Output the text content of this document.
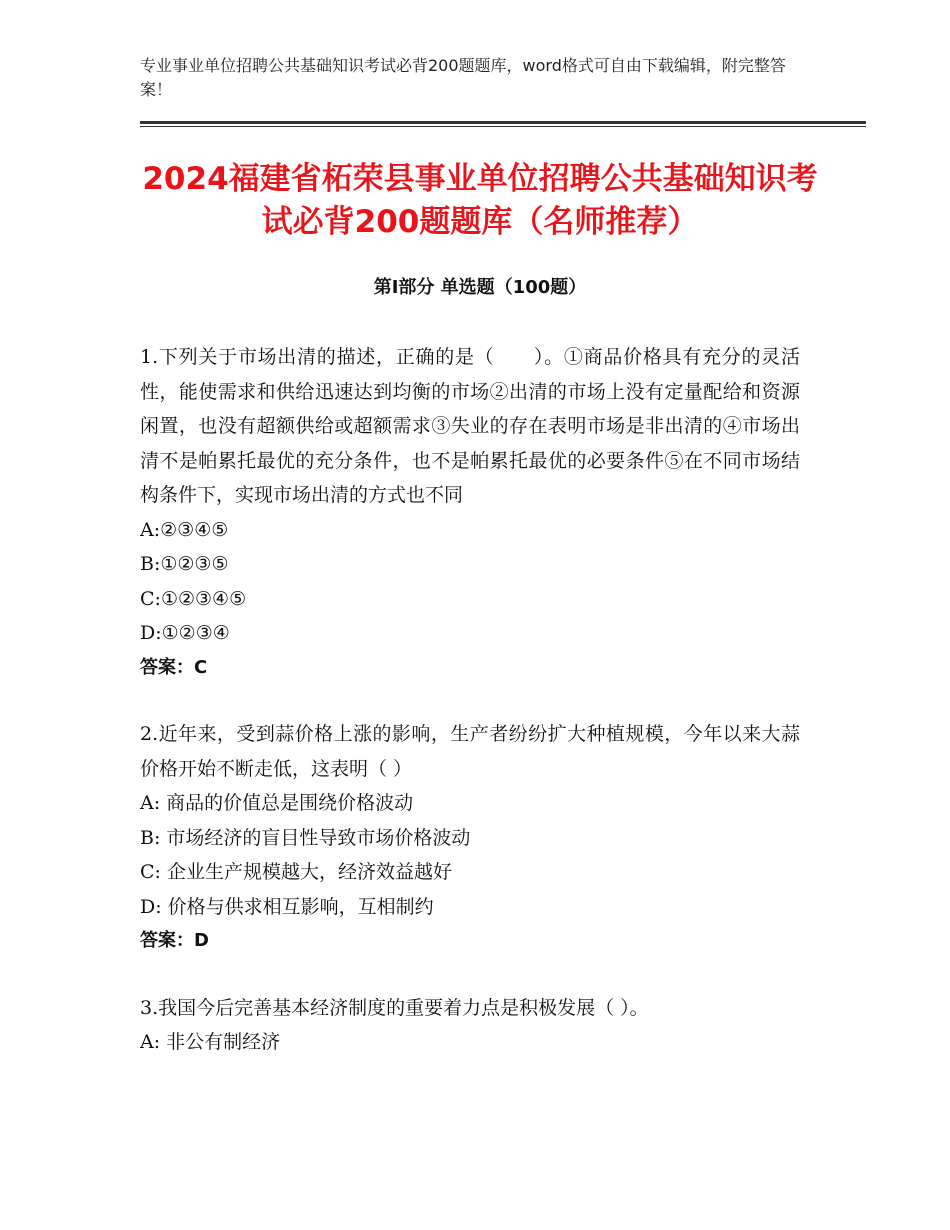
专业事业单位招聘公共基础知识考试必背200题题库，word格式可自由下载编辑，附完整答案！
2024福建省柘荣县事业单位招聘公共基础知识考试必背200题题库（名师推荐）
第Ⅰ部分 单选题（100题）

1.下列关于市场出清的描述，正确的是（　　）。①商品价格具有充分的灵活性，能使需求和供给迅速达到均衡的市场②出清的市场上没有定量配给和资源闲置，也没有超额供给或超额需求③失业的存在表明市场是非出清的④市场出清不是帕累托最优的充分条件，也不是帕累托最优的必要条件⑤在不同市场结构条件下，实现市场出清的方式也不同

A:②③④⑤

B:①②③⑤

C:①②③④⑤

D:①②③④

答案：C

2.近年来，受到蒜价格上涨的影响，生产者纷纷扩大种植规模，今年以来大蒜价格开始不断走低，这表明（ ）

A: 商品的价值总是围绕价格波动

B: 市场经济的盲目性导致市场价格波动

C: 企业生产规模越大，经济效益越好

D: 价格与供求相互影响，互相制约

答案：D

3.我国今后完善基本经济制度的重要着力点是积极发展（ ）。

A: 非公有制经济
